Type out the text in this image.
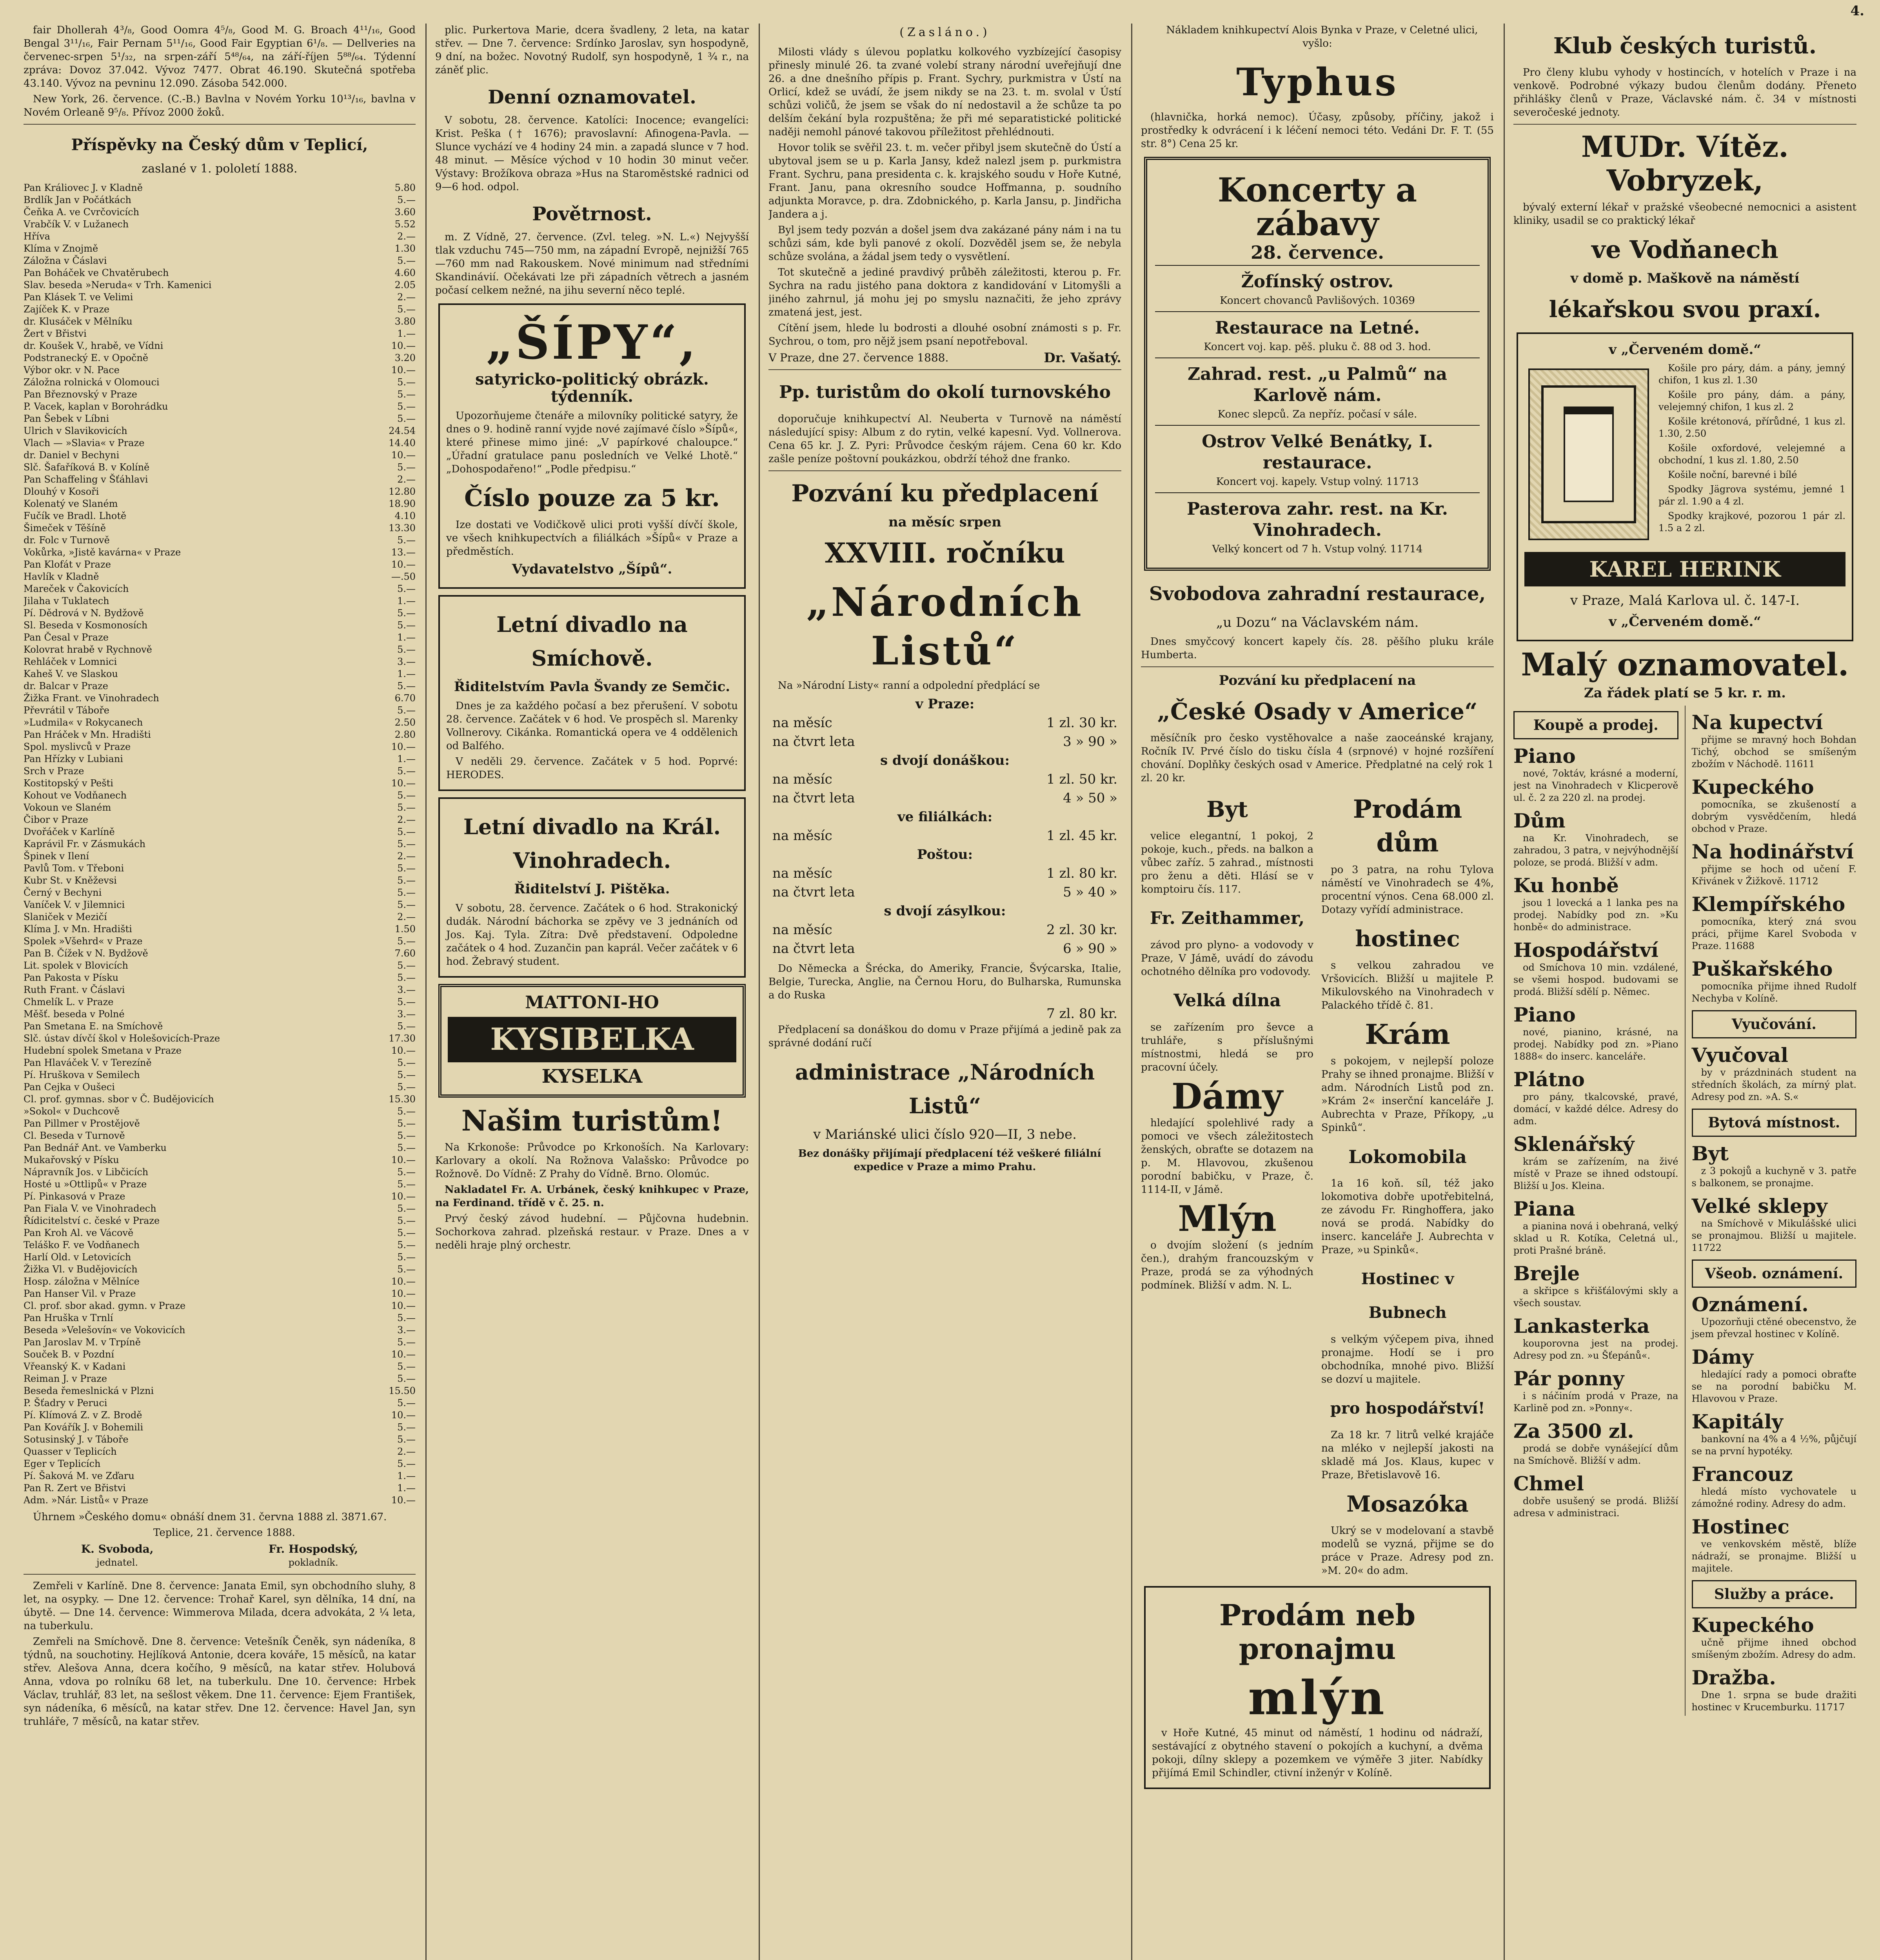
fair Dhollerah 4³/₈, Good Oomra 4⁵/₈, Good M. G. Broach 4¹¹/₁₆, Good Bengal 3¹¹/₁₆, Fair Pernam 5¹¹/₁₆, Good Fair Egyptian 6¹/₈. — Dellveries na červenec-srpen 5¹/₃₂, na srpen-září 5⁴⁸/₆₄, na září-říjen 5⁸⁸/₆₄. Týdenní zpráva: Dovoz 37.042. Vývoz 7477. Obrat 46.190. Skutečná spotřeba 43.140. Vývoz na pevninu 12.090. Zásoba 542.000.

New York, 26. července. (C.-B.) Bavlna v Novém Yorku 10¹³/₁₆, bavlna v Novém Orleaně 9⁵/₈. Přívoz 2000 žoků.

Příspěvky na Český dům v Teplicí,
zaslané v 1. pololetí 1888.
Pan Králiovec J. v Kladně	5.80
Brdlík Jan v Počátkách	5.—
Čeňka A. ve Cvrčovicích	3.60
Vrabčík V. v Lužanech	5.52
Hříva	2.—
Klíma v Znojmě	1.30
Záložna v Čáslavi	5.—
Pan Boháček ve Chvatěrubech	4.60
Slav. beseda »Neruda« v Trh. Kamenici	2.05
Pan Klásek T. ve Velimi	2.—
Zajíček K. v Praze	5.—
dr. Klusáček v Mělníku	3.80
Žert v Břistvi	1.—
dr. Koušek V., hrabě, ve Vídni	10.—
Podstranecký E. v Opočně	3.20
Výbor okr. v N. Pace	10.—
Záložna rolnická v Olomouci	5.—
Pan Březnovský v Praze	5.—
P. Vacek, kaplan v Borohrádku	5.—
Pan Šebek v Líbni	5.—
Ulrich v Slavikovicích	24.54
Vlach — »Slavia« v Praze	14.40
dr. Daniel v Bechyni	10.—
Slč. Šafaříková B. v Kolíně	5.—
Pan Schaffeling v Šťáhlavi	2.—
Dlouhý v Kosoři	12.80
Kolenatý ve Slaném	18.90
Fučík ve Bradl. Lhotě	4.10
Šimeček v Těšíně	13.30
dr. Folc v Turnově	5.—
Vokůrka, »Jistě kavárna« v Praze	13.—
Pan Klofát v Praze	10.—
Havlík v Kladně	—.50
Mareček v Čakovicích	5.—
Jilaha v Tuklatech	1.—
Pí. Dědrová v N. Bydžově	5.—
Sl. Beseda v Kosmonosích	5.—
Pan Česal v Praze	1.—
Kolovrat hrabě v Rychnově	5.—
Rehláček v Lomnici	3.—
Kaheš V. ve Slaskou	1.—
dr. Balcar v Praze	5.—
Žižka Frant. ve Vinohradech	6.70
Převrátil v Táboře	5.—
»Ludmila« v Rokycanech	2.50
Pan Hráček v Mn. Hradišti	2.80
Spol. myslivců v Praze	10.—
Pan Hřízky v Lubiani	1.—
Srch v Praze	5.—
Kostitopský v Pešti	10.—
Kohout ve Vodňanech	5.—
Vokoun ve Slaném	5.—
Čibor v Praze	2.—
Dvořáček v Karlíně	5.—
Kaprávil Fr. v Zásmukách	5.—
Špinek v Ilení	2.—
Pavlů Tom. v Třeboni	5.—
Kubr St. v Kněževsi	5.—
Černý v Bechyni	5.—
Vaníček V. v Jilemnici	5.—
Slaniček v Mezičí	2.—
Klíma J. v Mn. Hradišti	1.50
Spolek »Všehrd« v Praze	5.—
Pan B. Čížek v N. Bydžově	7.60
Lit. spolek v Blovicích	5.—
Pan Pakosta v Písku	5.—
Ruth Frant. v Čáslavi	3.—
Chmelík L. v Praze	5.—
Měšť. beseda v Polné	3.—
Pan Smetana E. na Smíchově	5.—
Slč. ústav dívčí škol v Holešovicích-Praze	17.30
Hudební spolek Smetana v Praze	10.—
Pan Hlaváček V. v Terezíně	5.—
Pí. Hruškova v Semilech	5.—
Pan Cejka v Oušeci	5.—
Cl. prof. gymnas. sbor v Č. Budějovicích	15.30
»Sokol« v Duchcově	5.—
Pan Pillmer v Prostějově	5.—
Cl. Beseda v Turnově	5.—
Pan Bednář Ant. ve Vamberku	5.—
Mukařovský v Písku	10.—
Nápravník Jos. v Libčicích	5.—
Hosté u »Ottlipů« v Praze	5.—
Pí. Pinkasová v Praze	10.—
Pan Fiala V. ve Vinohradech	5.—
Řídicitelství c. české v Praze	5.—
Pan Kroh Al. ve Vácově	5.—
Teláško F. ve Vodňanech	5.—
Harlí Old. v Letovicích	5.—
Žižka Vl. v Budějovicích	5.—
Hosp. záložna v Mělníce	10.—
Pan Hanser Vil. v Praze	10.—
Cl. prof. sbor akad. gymn. v Praze	10.—
Pan Hruška v Trnlí	5.—
Beseda »Velešovín« ve Vokovicích	3.—
Pan Jaroslav M. v Trpíně	5.—
Souček B. v Pozdní	10.—
Vřeanský K. v Kadani	5.—
Reiman J. v Praze	5.—
Beseda řemeslnická v Plzni	15.50
P. Šťadry v Peruci	5.—
Pí. Klímová Z. v Z. Brodě	10.—
Pan Kovářík J. v Bohemili	5.—
Sotusinský J. v Táboře	5.—
Quasser v Teplicích	2.—
Eger v Teplicích	5.—
Pí. Šaková M. ve Zďaru	1.—
Pan R. Zert ve Břistvi	1.—
Adm. »Nár. Listů« v Praze	10.—

Úhrnem »Českého domu« obnáší dnem 31. června 1888 zl. 3871.67.

Teplice, 21. července 1888.

K. Svoboda,
jednatel.
Fr. Hospodský,
pokladník.

Zemřeli v Karlíně. Dne 8. července: Janata Emil, syn obchodního sluhy, 8 let, na osypky. — Dne 12. července: Trohař Karel, syn dělníka, 14 dní, na úbytě. — Dne 14. července: Wimmerova Milada, dcera advokáta, 2 ¼ leta, na tuberkulu.

Zemřeli na Smíchově. Dne 8. července: Vetešník Čeněk, syn nádeníka, 8 týdnů, na souchotiny. Hejlíková Antonie, dcera kováře, 15 měsíců, na katar střev. Alešova Anna, dcera kočího, 9 měsíců, na katar střev. Holubová Anna, vdova po rolníku 68 let, na tuberkulu. Dne 10. července: Hrbek Václav, truhlář, 83 let, na sešlost věkem. Dne 11. července: Ejem František, syn nádeníka, 6 měsíců, na katar střev. Dne 12. července: Havel Jan, syn truhláře, 7 měsíců, na katar střev.

plic. Purkertova Marie, dcera švadleny, 2 leta, na katar střev. — Dne 7. července: Srdínko Jaroslav, syn hospodyně, 9 dní, na božec. Novotný Rudolf, syn hospodyně, 1 ¾ r., na záněť plic.

Denní oznamovatel.

V sobotu, 28. července. Katolíci: Inocence; evangelíci: Krist. Peška († 1676); pravoslavní: Afinogena-Pavla. — Slunce vychází ve 4 hodiny 24 min. a zapadá slunce v 7 hod. 48 minut. — Měsíce východ v 10 hodin 30 minut večer. Výstavy: Brožíkova obraza »Hus na Staroměstské radnici od 9—6 hod. odpol.

Povětrnost.

m. Z Vídně, 27. července. (Zvl. teleg. »N. L.«) Nejvyšší tlak vzduchu 745—750 mm, na západní Evropě, nejnižší 765—760 mm nad Rakouskem. Nové minimum nad středními Skandinávií. Očekávati lze při západních větrech a jasném počasí celkem nežné, na jihu severní něco teplé.

„ŠÍPY“,
satyricko-politický obrázk. týdenník.

Upozorňujeme čtenáře a milovníky politické satyry, že dnes o 9. hodině ranní vyjde nové zajímavé číslo »Šípů«, které přinese mimo jiné: „V papírkové chaloupce.“ „Úřadní gratulace panu posledních ve Velké Lhotě.“ „Dohospodařeno!“ „Podle předpisu.“

Číslo pouze za 5 kr.

Ize dostati ve Vodičkově ulici proti vyšší dívčí škole, ve všech knihkupectvích a filiálkách »Šípů« v Praze a předměstích.

Vydavatelstvo „Šípů“.
Letní divadlo na Smíchově.
Řiditelstvím Pavla Švandy ze Semčic.

Dnes je za každého počasí a bez přerušení. V sobotu 28. července. Začátek v 6 hod. Ve prospěch sl. Marenky Vollnerovy. Cikánka. Romantická opera ve 4 oddělenich od Balfého.

V neděli 29. července. Začátek v 5 hod. Poprvé: HERODES.

Letní divadlo na Král. Vinohradech.
Řiditelství J. Pištěka.

V sobotu, 28. července. Začátek o 6 hod. Strakonický dudák. Národní báchorka se zpěvy ve 3 jednáních od Jos. Kaj. Tyla. Zítra: Dvě představení. Odpoledne začátek o 4 hod. Zuzančin pan kaprál. Večer začátek v 6 hod. Žebravý student.

MATTONI-HO
KYSIBELKA
KYSELKA
Našim turistům!

Na Krkonoše: Průvodce po Krkonoších. Na Karlovary: Karlovary a okolí. Na Rožnova Valašsko: Průvodce po Rožnově. Do Vídně: Z Prahy do Vídně. Brno. Olomúc.

Nakladatel Fr. A. Urbánek, český knihkupec v Praze, na Ferdinand. třídě v č. 25. n.

Prvý český závod hudební. — Půjčovna hudebnin. Sochorkova zahrad. plzeňská restaur. v Praze. Dnes a v neděli hraje plný orchestr.

(Zasláno.)

Milosti vlády s úlevou poplatku kolkového vyzbízející časopisy přinesly minulé 26. ta zvané volebí strany národní uveřejňují dne 26. a dne dnešního přípis p. Frant. Sychry, purkmistra v Ústí na Orlicí, kdež se uvádí, že jsem nikdy se na 23. t. m. svolal v Ústí schůzi voličů, že jsem se však do ní nedostavil a že schůze ta po delším čekání byla rozpuštěna; že při mé separatistické politické naději nemohl pánové takovou příležitost přehlédnouti.

Hovor tolik se svěřil 23. t. m. večer přibyl jsem skutečně do Ústí a ubytoval jsem se u p. Karla Jansy, kdež nalezl jsem p. purkmistra Frant. Sychru, pana presidenta c. k. krajského soudu v Hoře Kutné, Frant. Janu, pana okresního soudce Hoffmanna, p. soudního adjunkta Moravce, p. dra. Zdobnického, p. Karla Jansu, p. Jindřicha Jandera a j.

Byl jsem tedy pozván a došel jsem dva zakázané pány nám i na tu schůzi sám, kde byli panové z okolí. Dozvěděl jsem se, že nebyla schůze svolána, a žádal jsem tedy o vysvětlení.

Tot skutečně a jediné pravdivý průběh záležitosti, kterou p. Fr. Sychra na radu jistého pana doktora z kandidování v Litomyšli a jiného zahrnul, já mohu jej po smyslu naznačiti, že jeho zprávy zmatená jest, jest.

Cítění jsem, hlede lu bodrosti a dlouhé osobní známosti s p. Fr. Sychrou, o tom, pro nějž jsem psaní nepotřeboval.

V Praze, dne 27. července 1888.	Dr. Vašatý.
Pp. turistům do okolí turnovského

doporučuje knihkupectví Al. Neuberta v Turnově na náměstí následující spisy: Album z do rytin, velké kapesní. Vyd. Vollnerova. Cena 65 kr. J. Z. Pyri: Průvodce českým rájem. Cena 60 kr. Kdo zašle peníze poštovní poukázkou, obdrží téhož dne franko.

Pozvání ku předplacení
na měsíc srpen
XXVIII. ročníku
„Národních Listů“

Na »Národní Listy« ranní a odpolední předplácí se

v Praze:
na měsíc	1 zl. 30 kr.
na čtvrt leta	3 » 90 »
s dvojí donáškou:
na měsíc	1 zl. 50 kr.
na čtvrt leta	4 » 50 »
ve filiálkách:
na měsíc	1 zl. 45 kr.
Poštou:
na měsíc	1 zl. 80 kr.
na čtvrt leta	5 » 40 »
s dvojí zásylkou:
na měsíc	2 zl. 30 kr.
na čtvrt leta	6 » 90 »

Do Německa a Šrécka, do Ameriky, Francie, Švýcarska, Italie, Belgie, Turecka, Anglie, na Černou Horu, do Bulharska, Rumunska a do Ruska

7 zl. 80 kr.

Předplacení sa donáškou do domu v Praze přijímá a jedině pak za správné dodání ručí

administrace „Národních Listů“
v Mariánské ulici číslo 920—II, 3 nebe.

Bez donášky přijímají předplacení též veškeré filiální expedice v Praze a mimo Prahu.

Nákladem knihkupectví Alois Bynka v Praze, v Celetné ulici, vyšlo:

Typhus

(hlavnička, horká nemoc). Účasy, způsoby, příčiny, jakož i prostředky k odvrácení i k léčení nemoci této. Vedáni Dr. F. T. (55 str. 8°) Cena 25 kr.

Koncerty a zábavy
28. července.
Žofínský ostrov.
Koncert chovanců Pavlišových. 10369
Restaurace na Letné.
Koncert voj. kap. pěš. pluku č. 88 od 3. hod.
Zahrad. rest. „u Palmů“ na Karlově nám.
Konec slepců. Za nepříz. počasí v sále.
Ostrov Velké Benátky, I. restaurace.
Koncert voj. kapely. Vstup volný. 11713
Pasterova zahr. rest. na Kr. Vinohradech.
Velký koncert od 7 h. Vstup volný. 11714
Svobodova zahradní restaurace,
„u Dozu“ na Václavském nám.

Dnes smyčcový koncert kapely čís. 28. pěšího pluku krále Humberta.

Pozvání ku předplacení na
„České Osady v Americe“

měsíčník pro česko vystěhovalce a naše zaoceánské krajany, Ročník IV. Prvé číslo do tisku čísla 4 (srpnové) v hojné rozšíření chování. Doplňky českých osad v Americe. Předplatné na celý rok 1 zl. 20 kr.

Byt

velice elegantní, 1 pokoj, 2 pokoje, kuch., předs. na balkon a vůbec zaříz. 5 zahrad., místnosti pro ženu a děti. Hlásí se v komptoiru čís. 117.

Fr. Zeithammer,

závod pro plyno- a vodovody v Praze, V Jámě, uvádí do závodu ochotného dělníka pro vodovody.

Velká dílna

se zařízením pro ševce a truhláře, s příslušnými místnostmi, hledá se pro pracovní účely.

Dámy

hledající spolehlivé rady a pomoci ve všech záležitostech ženských, obraťte se dotazem na p. M. Hlavovou, zkušenou porodní babičku, v Praze, č. 1114-II, v Jámě.

Mlýn

o dvojím složení (s jedním čen.), drahým francouzským v Praze, prodá se za výhodných podmínek. Bližší v adm. N. L.

Prodám dům

po 3 patra, na rohu Tylova náměstí ve Vinohradech se 4%, procentní výnos. Cena 68.000 zl. Dotazy vyřídí administrace.

hostinec

s velkou zahradou ve Vršovicích. Bližší u majitele P. Mikulovského na Vinohradech v Palackého třídě č. 81.

Krám

s pokojem, v nejlepší poloze Prahy se ihned pronajme. Bližší v adm. Národních Listů pod zn. »Krám 2« inserční kanceláře J. Aubrechta v Praze, Příkopy, „u Spinků“.

Lokomobila

1a 16 koň. síl, též jako lokomotiva dobře upotřebitelná, ze závodu Fr. Ringhoffera, jako nová se prodá. Nabídky do inserc. kanceláře J. Aubrechta v Praze, »u Spinků«.

Hostinec v Bubnech

s velkým výčepem piva, ihned pronajme. Hodí se i pro obchodníka, mnohé pivo. Bližší se dozví u majitele.

pro hospodářství!

Za 18 kr. 7 litrů velké krajáče na mléko v nejlepší jakosti na skladě má Jos. Klaus, kupec v Praze, Břetislavově 16.

Mosazóka

Ukrý se v modelovaní a stavbě modelů se vyzná, přijme se do práce v Praze. Adresy pod zn. »M. 20« do adm.

Prodám neb pronajmu
mlýn

v Hoře Kutné, 45 minut od náměstí, 1 hodinu od nádraží, sestávající z obytného stavení o pokojích a kuchyní, a dvěma pokoji, dílny sklepy a pozemkem ve výměře 3 jiter. Nabídky přijímá Emil Schindler, ctivní inženýr v Kolíně.

Klub českých turistů.

Pro členy klubu vyhody v hostincích, v hotelích v Praze i na venkově. Podrobné výkazy budou členům dodány. Přeneto přihlášky členů v Praze, Václavské nám. č. 34 v místnosti severočeské jednoty.

MUDr. Vítěz. Vobryzek,

bývalý externí lékař v pražské všeobecné nemocnici a asistent kliniky, usadil se co praktický lékař

ve Vodňanech
v domě p. Maškově na náměstí
lékařskou svou praxí.
v „Červeném domě.“

Košile pro páry, dám. a pány, jemný chifon, 1 kus zl. 1.30

Košile pro pány, dám. a pány, velejemný chifon, 1 kus zl. 2

Košile krétonová, přírůdné, 1 kus zl. 1.30, 2.50

Košile oxfordové, velejemné a obchodní, 1 kus zl. 1.80, 2.50

Košile noční, barevné i bílé

Spodky Jägrova systému, jemné 1 pár zl. 1.90 a 4 zl.

Spodky krajkové, pozorou 1 pár zl. 1.5 a 2 zl.

KAREL HERINK
v Praze, Malá Karlova ul. č. 147-I.
v „Červeném domě.“
Malý oznamovatel.
Za řádek platí se 5 kr. r. m.
Koupě a prodej.
Piano

nové, 7oktáv, krásné a moderní, jest na Vinohradech v Klicperově ul. č. 2 za 220 zl. na prodej.

Dům

na Kr. Vinohradech, se zahradou, 3 patra, v nejvýhodnější poloze, se prodá. Bližší v adm.

Ku honbě

jsou 1 lovecká a 1 lanka pes na prodej. Nabídky pod zn. »Ku honbě« do administrace.

Hospodářství

od Smíchova 10 min. vzdálené, se všemi hospod. budovami se prodá. Bližší sdělí p. Němec.

Piano

nové, pianino, krásné, na prodej. Nabídky pod zn. »Piano 1888« do inserc. kanceláře.

Plátno

pro pány, tkalcovské, pravé, domácí, v každé délce. Adresy do adm.

Sklenářský

krám se zařízením, na živé místě v Praze se ihned odstoupí. Bližší u Jos. Kleina.

Piana

a pianina nová i obehraná, velký sklad u R. Kotíka, Celetná ul., proti Prašné bráně.

Brejle

a skřipce s křišťálovými skly a všech soustav.

Lankasterka

kouporovna jest na prodej. Adresy pod zn. »u Šťepánů«.

Pár ponny

i s náčiním prodá v Praze, na Karlině pod zn. »Ponny«.

Za 3500 zl.

prodá se dobře vynášející dům na Smíchově. Bližší v adm.

Chmel

dobře usušený se prodá. Bližší adresa v administraci.

Na kupectví

přijme se mravný hoch Bohdan Tichý, obchod se smíšeným zbožím v Náchodě. 11611

Kupeckého

pomocníka, se zkušeností a dobrým vysvědčením, hledá obchod v Praze.

Na hodinářství

přijme se hoch od učení F. Křivánek v Žižkově. 11712

Klempířského

pomocníka, který zná svou práci, přijme Karel Svoboda v Praze. 11688

Puškařského

pomocníka přijme ihned Rudolf Nechyba v Kolíně.

Vyučování.
Vyučoval

by v prázdninách student na středních školách, za mírný plat. Adresy pod zn. »A. S.«

Bytová místnost.
Byt

z 3 pokojů a kuchyně v 3. patře s balkonem, se pronajme.

Velké sklepy

na Smíchově v Mikulášské ulici se pronajmou. Bližší u majitele. 11722

Všeob. oznámení.
Oznámení.

Upozorňuji ctěné obecenstvo, že jsem převzal hostinec v Kolíně.

Dámy

hledající rady a pomoci obraťte se na porodní babičku M. Hlavovou v Praze.

Kapitály

bankovní na 4% a 4 ½%, půjčují se na první hypotéky.

Francouz

hledá místo vychovatele u zámožné rodiny. Adresy do adm.

Hostinec

ve venkovském městě, blíže nádraží, se pronajme. Bližší u majitele.

Služby a práce.
Kupeckého

učně přijme ihned obchod smíšeným zbožím. Adresy do adm.

Dražba.

Dne 1. srpna se bude dražiti hostinec v Krucemburku. 11717

4.
